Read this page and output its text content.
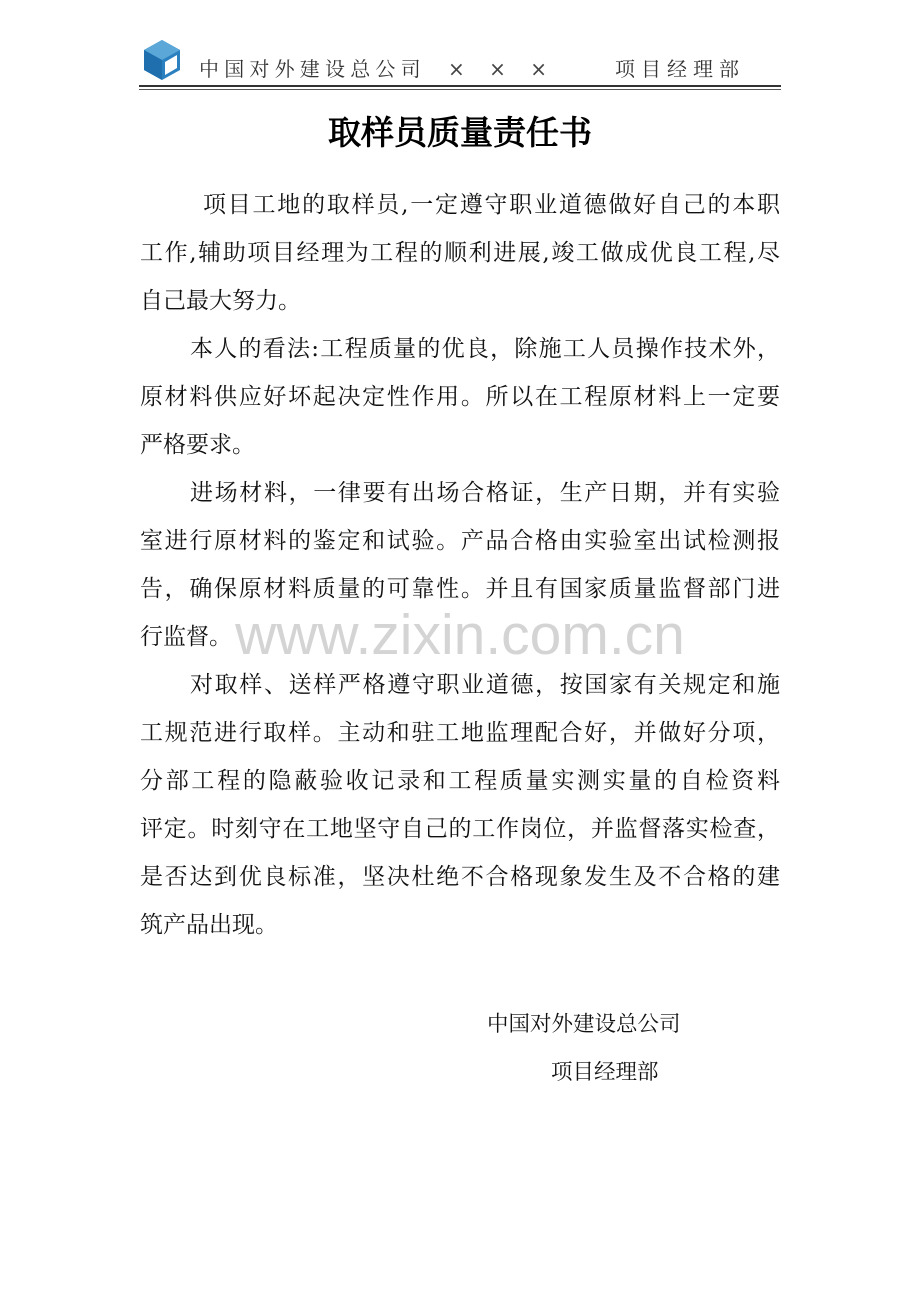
中国对外建设总公司 × × ×	项目经理部
取样员质量责任书
项目工地的取样员,一定遵守职业道德做好自己的本职
工作,辅助项目经理为工程的顺利进展,竣工做成优良工程,尽
自己最大努力。
本人的看法:工程质量的优良，除施工人员操作技术外，
原材料供应好坏起决定性作用。所以在工程原材料上一定要
严格要求。
进场材料，一律要有出场合格证，生产日期，并有实验
室进行原材料的鉴定和试验。产品合格由实验室出试检测报
告，确保原材料质量的可靠性。并且有国家质量监督部门进
行监督。
对取样、送样严格遵守职业道德，按国家有关规定和施
工规范进行取样。主动和驻工地监理配合好，并做好分项，
分部工程的隐蔽验收记录和工程质量实测实量的自检资料
评定。时刻守在工地坚守自己的工作岗位，并监督落实检查，
是否达到优良标准，坚决杜绝不合格现象发生及不合格的建
筑产品出现。
www.zixin.com.cn
中国对外建设总公司
项目经理部
